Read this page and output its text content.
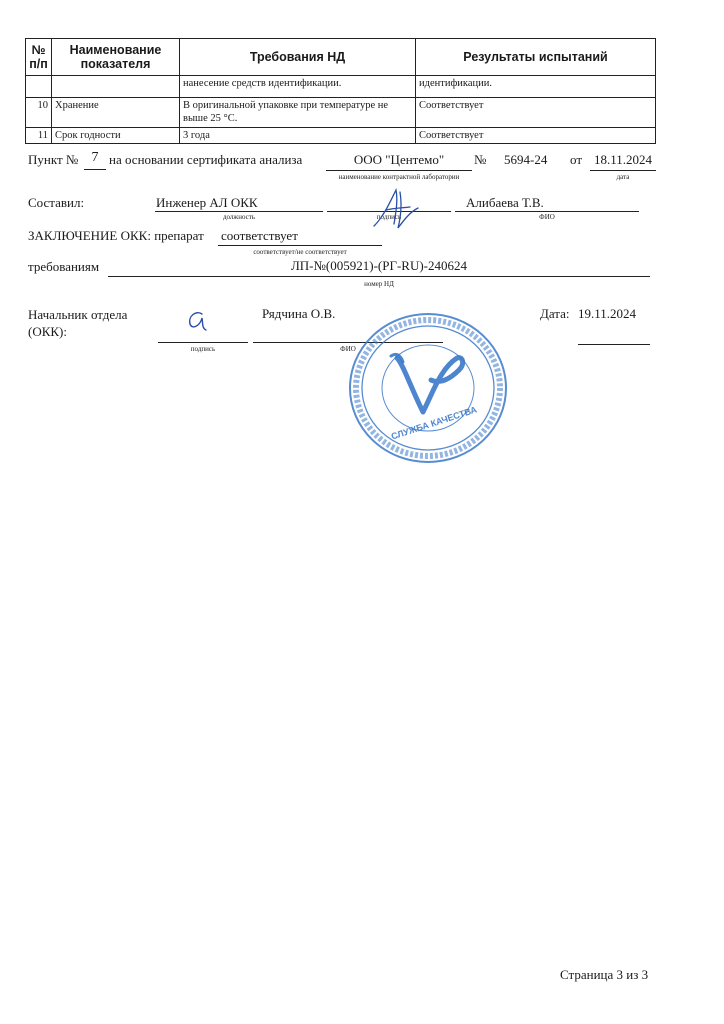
№ п/п	Наименование показателя	Требования НД	Результаты испытаний
		нанесение средств идентификации.	идентификации.
10	Хранение	В оригинальной упаковке при температуре не выше 25 °С.	Соответствует
11	Срок годности	3 года	Соответствует
Пункт № 7 на основании сертификата анализа	ООО "Центемо"
наименование контрактной лаборатории
№ 5694-24 от 18.11.2024
дата
Составил:	Инженер АЛ ОКК
должность	подпись
Алибаева Т.В.
ФИО
ЗАКЛЮЧЕНИЕ ОКК: препарат соответствует
соответствует/не соответствует
требованиям	ЛП-№(005921)-(РГ-RU)-240624
номер НД
Начальник отдела
(ОКК):
подпись
Рядчина О.В.
ФИО
Дата: 19.11.2024
СЛУЖБА КАЧЕСТВА
Страница 3 из 3
